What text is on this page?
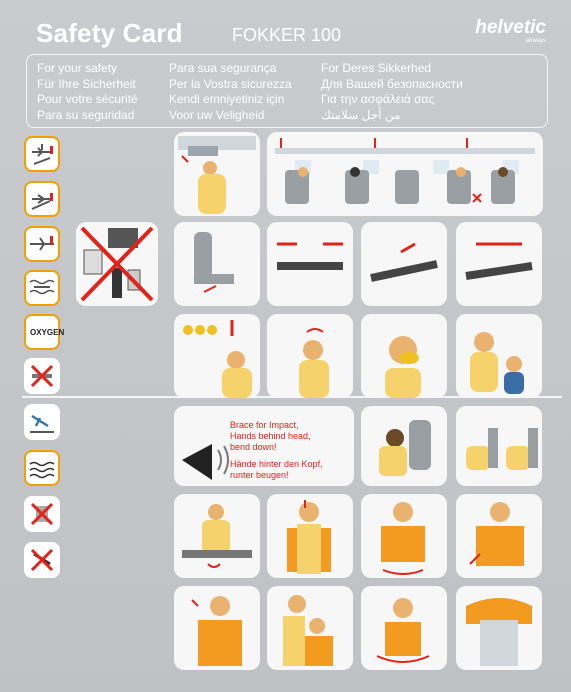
Safety Card	FOKKER 100	helvetic
airways
For your safety
Für Ihre Sicherheit
Pour votre sécurité
Para su seguridad
Para sua segurança
Per la Vostra sicurezza
Kendi emniyetiniz için
Voor uw Veligheid
For Deres Sikkerhed
Для Вашей безопасности
Για την ασφάλειά σας
من أجل سلامتك
OXYGEN
Brace for Impact,
Hands behind head,
bend down!
Hände hinter den Kopf,
runter beugen!
